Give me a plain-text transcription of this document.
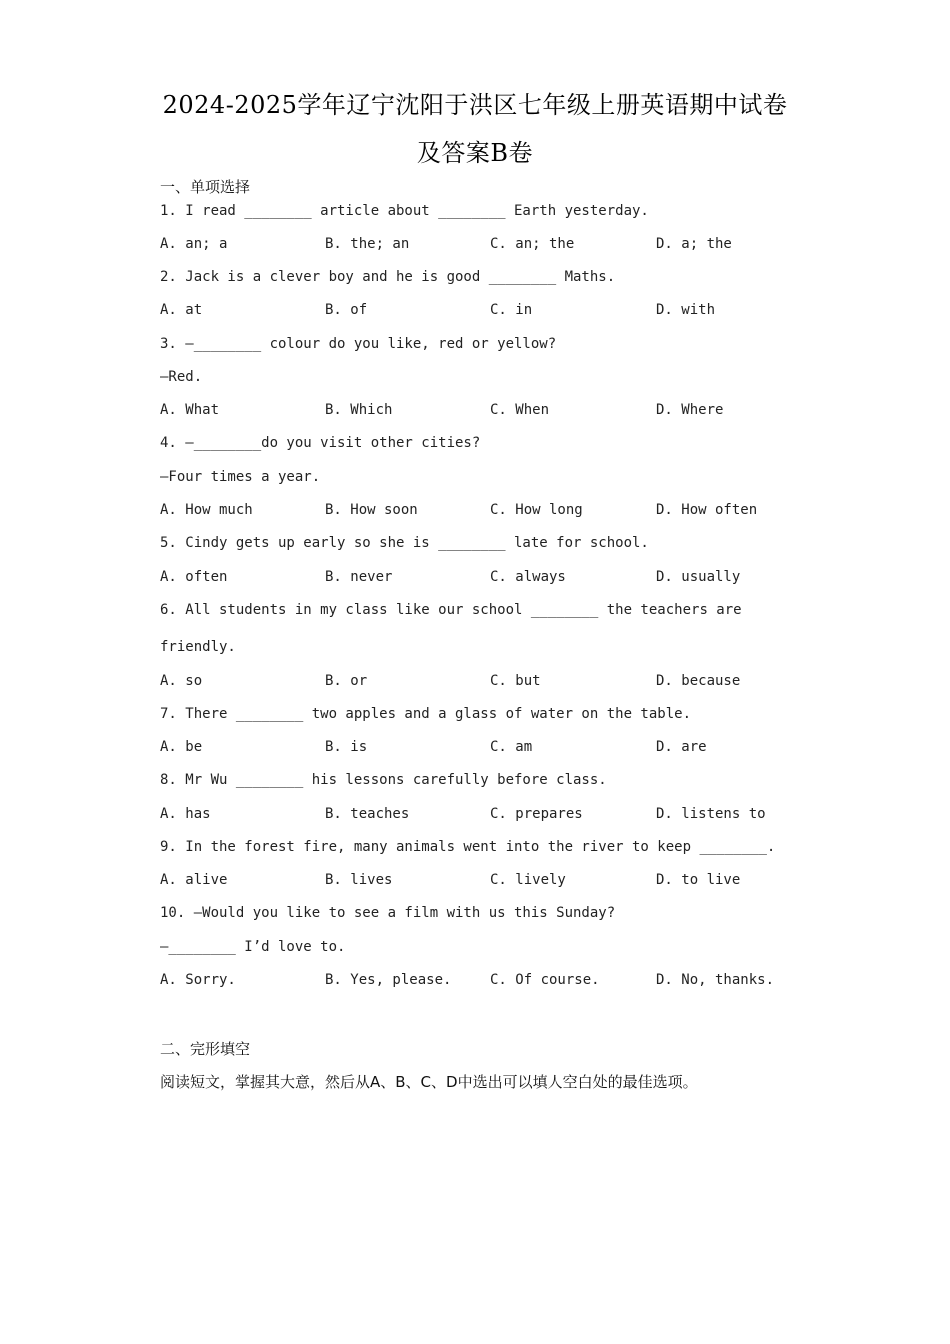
2024-2025学年辽宁沈阳于洪区七年级上册英语期中试卷
及答案B卷
一、单项选择
1. I read ________ article about ________ Earth yesterday.
A. an; a	B. the; an	C. an; the	D. a; the
2. Jack is a clever boy and he is good ________ Maths.
A. at	B. of	C. in	D. with
3. —________ colour do you like, red or yellow?
—Red.
A. What	B. Which	C. When	D. Where
4. —________do you visit other cities?
—Four times a year.
A. How much	B. How soon	C. How long	D. How often
5. Cindy gets up early so she is ________ late for school.
A. often	B. never	C. always	D. usually
6. All students in my class like our school ________ the teachers are
friendly.
A. so	B. or	C. but	D. because
7. There ________ two apples and a glass of water on the table.
A. be	B. is	C. am	D. are
8. Mr Wu ________ his lessons carefully before class.
A. has	B. teaches	C. prepares	D. listens to
9. In the forest fire, many animals went into the river to keep ________.
A. alive	B. lives	C. lively	D. to live
10. —Would you like to see a film with us this Sunday?
—________ I’d love to.
A. Sorry.	B. Yes, please.	C. Of course.	D. No, thanks.
二、完形填空
阅读短文，掌握其大意，然后从A、B、C、D中选出可以填人空白处的最佳选项。
